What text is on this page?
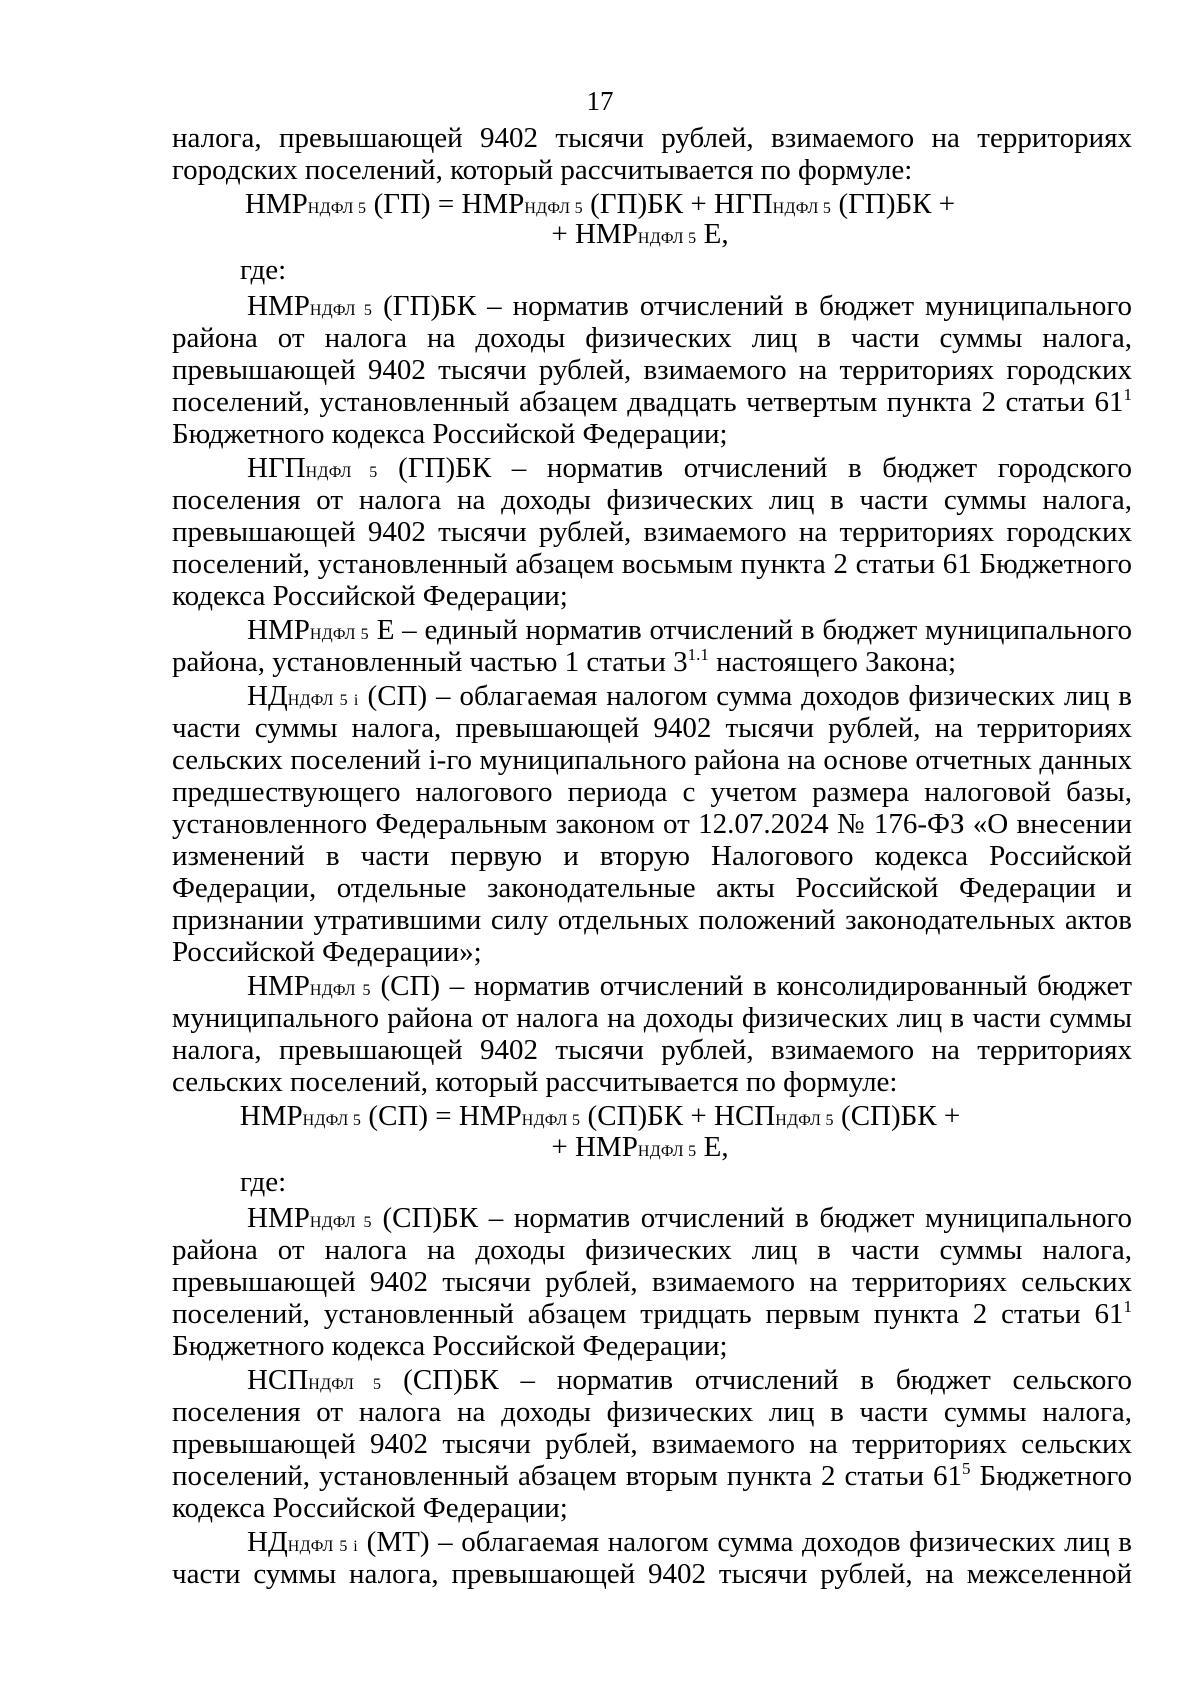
17
налога, превышающей 9402 тысячи рублей, взимаемого на территориях
городских поселений, который рассчитывается по формуле:
НМРНДФЛ 5 (ГП) = НМРНДФЛ 5 (ГП)БК + НГПНДФЛ 5 (ГП)БК +
+ НМРНДФЛ 5 Е,
где:
НМРНДФЛ 5 (ГП)БК – норматив отчислений в бюджет муниципального
района от налога на доходы физических лиц в части суммы налога,
превышающей 9402 тысячи рублей, взимаемого на территориях городских
поселений, установленный абзацем двадцать четвертым пункта 2 статьи $61^1$
Бюджетного кодекса Российской Федерации;
НГПНДФЛ 5 (ГП)БК – норматив отчислений в бюджет городского
поселения от налога на доходы физических лиц в части суммы налога,
превышающей 9402 тысячи рублей, взимаемого на территориях городских
поселений, установленный абзацем восьмым пункта 2 статьи 61 Бюджетного
кодекса Российской Федерации;
НМРНДФЛ 5 Е – единый норматив отчислений в бюджет муниципального
района, установленный частью 1 статьи $3^{1.1}$ настоящего Закона;
НДНДФЛ 5 i (СП) – облагаемая налогом сумма доходов физических лиц в
части суммы налога, превышающей 9402 тысячи рублей, на территориях
сельских поселений i-го муниципального района на основе отчетных данных
предшествующего налогового периода с учетом размера налоговой базы,
установленного Федеральным законом от 12.07.2024 № 176-ФЗ «О внесении
изменений в части первую и вторую Налогового кодекса Российской
Федерации, отдельные законодательные акты Российской Федерации и
признании утратившими силу отдельных положений законодательных актов
Российской Федерации»;
НМРНДФЛ 5 (СП) – норматив отчислений в консолидированный бюджет
муниципального района от налога на доходы физических лиц в части суммы
налога, превышающей 9402 тысячи рублей, взимаемого на территориях
сельских поселений, который рассчитывается по формуле:
НМРНДФЛ 5 (СП) = НМРНДФЛ 5 (СП)БК + НСПНДФЛ 5 (СП)БК +
+ НМРНДФЛ 5 Е,
где:
НМРНДФЛ 5 (СП)БК – норматив отчислений в бюджет муниципального
района от налога на доходы физических лиц в части суммы налога,
превышающей 9402 тысячи рублей, взимаемого на территориях сельских
поселений, установленный абзацем тридцать первым пункта 2 статьи $61^1$
Бюджетного кодекса Российской Федерации;
НСПНДФЛ 5 (СП)БК – норматив отчислений в бюджет сельского
поселения от налога на доходы физических лиц в части суммы налога,
превышающей 9402 тысячи рублей, взимаемого на территориях сельских
поселений, установленный абзацем вторым пункта 2 статьи $61^5$ Бюджетного
кодекса Российской Федерации;
НДНДФЛ 5 i (МТ) – облагаемая налогом сумма доходов физических лиц в
части суммы налога, превышающей 9402 тысячи рублей, на межселенной
